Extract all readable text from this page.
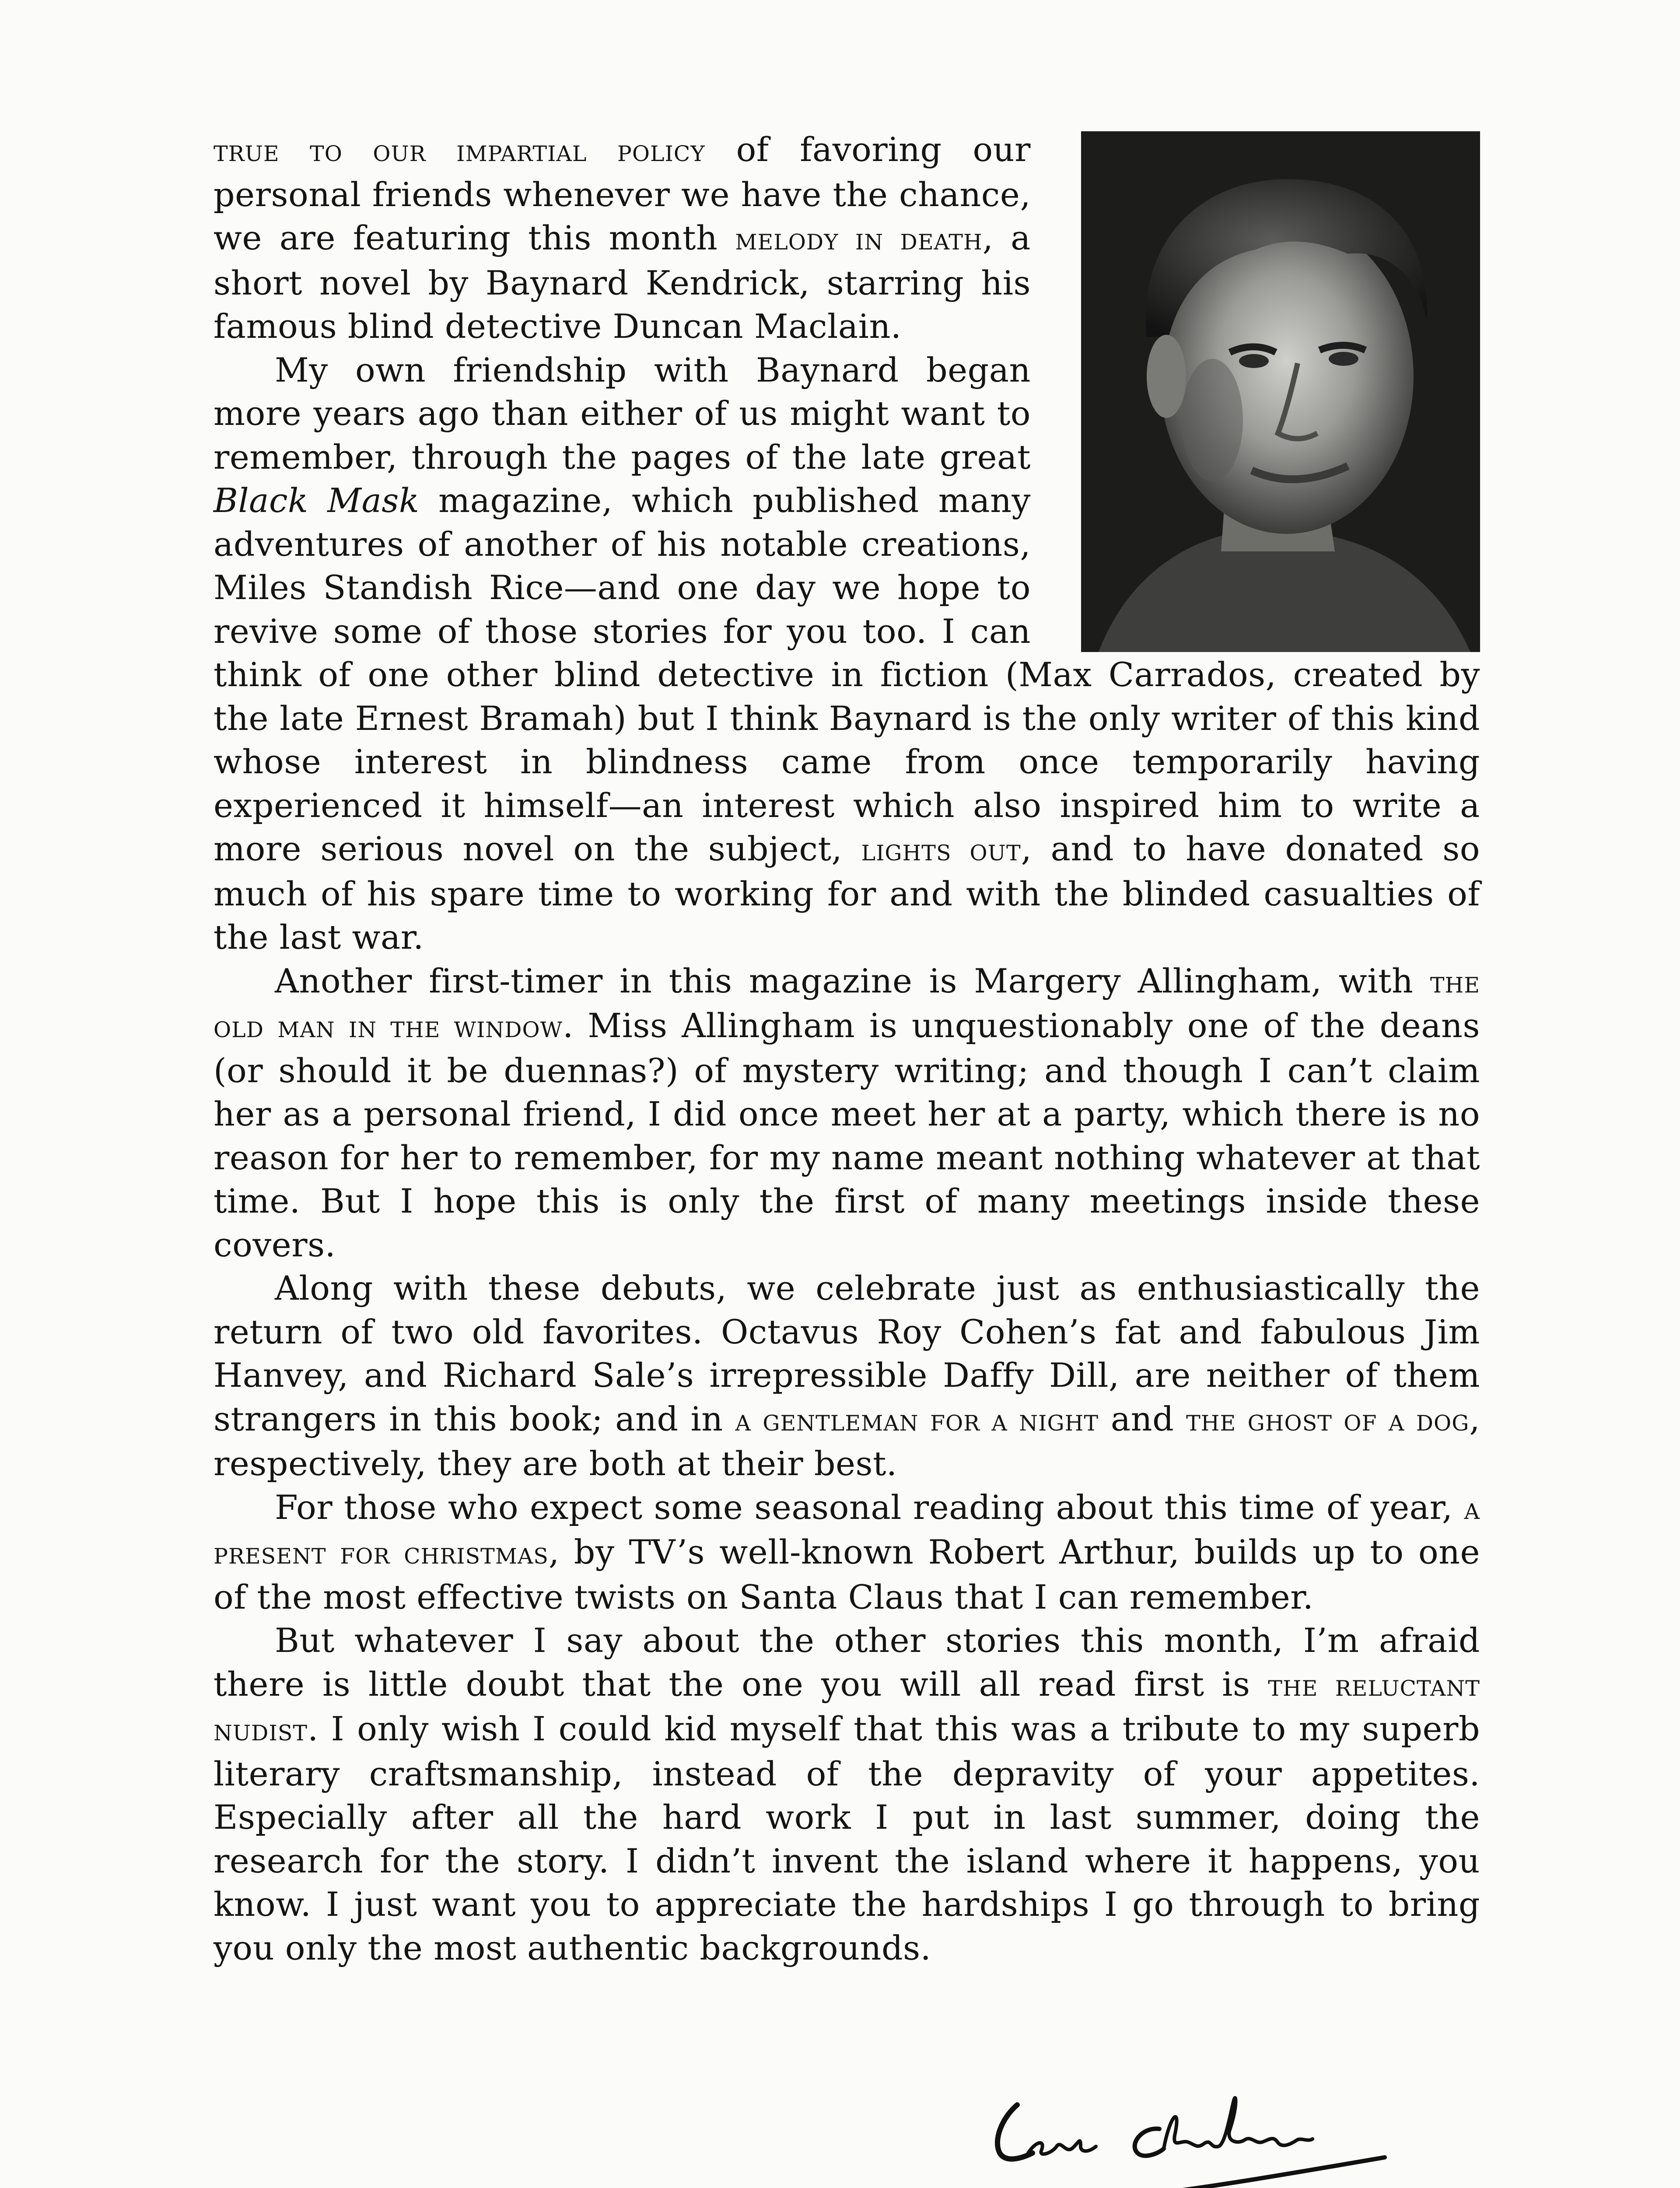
true to our impartial policy of favoring our personal friends whenever we have the chance, we are featuring this month melody in death, a short novel by Baynard Kendrick, starring his famous blind detective Duncan Maclain.

My own friendship with Baynard began more years ago than either of us might want to remember, through the pages of the late great Black Mask magazine, which published many adventures of another of his notable creations, Miles Standish Rice—and one day we hope to revive some of those stories for you too. I can think of one other blind detective in fiction (Max Carrados, created by the late Ernest Bramah) but I think Baynard is the only writer of this kind whose interest in blindness came from once temporarily having experienced it himself—an interest which also inspired him to write a more serious novel on the subject, lights out, and to have donated so much of his spare time to working for and with the blinded casualties of the last war.

Another first-timer in this magazine is Margery Allingham, with the old man in the window. Miss Allingham is unquestionably one of the deans (or should it be duennas?) of mystery writing; and though I can’t claim her as a personal friend, I did once meet her at a party, which there is no reason for her to remember, for my name meant nothing whatever at that time. But I hope this is only the first of many meetings inside these covers.

Along with these debuts, we celebrate just as enthusiastically the return of two old favorites. Octavus Roy Cohen’s fat and fabulous Jim Hanvey, and Richard Sale’s irrepressible Daffy Dill, are neither of them strangers in this book; and in a gentleman for a night and the ghost of a dog, respectively, they are both at their best.

For those who expect some seasonal reading about this time of year, a present for christmas, by TV’s well-known Robert Arthur, builds up to one of the most effective twists on Santa Claus that I can remember.

But whatever I say about the other stories this month, I’m afraid there is little doubt that the one you will all read first is the reluctant nudist. I only wish I could kid myself that this was a tribute to my superb literary craftsmanship, instead of the depravity of your appetites. Especially after all the hard work I put in last summer, doing the research for the story. I didn’t invent the island where it happens, you know. I just want you to appreciate the hardships I go through to bring you only the most authentic backgrounds.
